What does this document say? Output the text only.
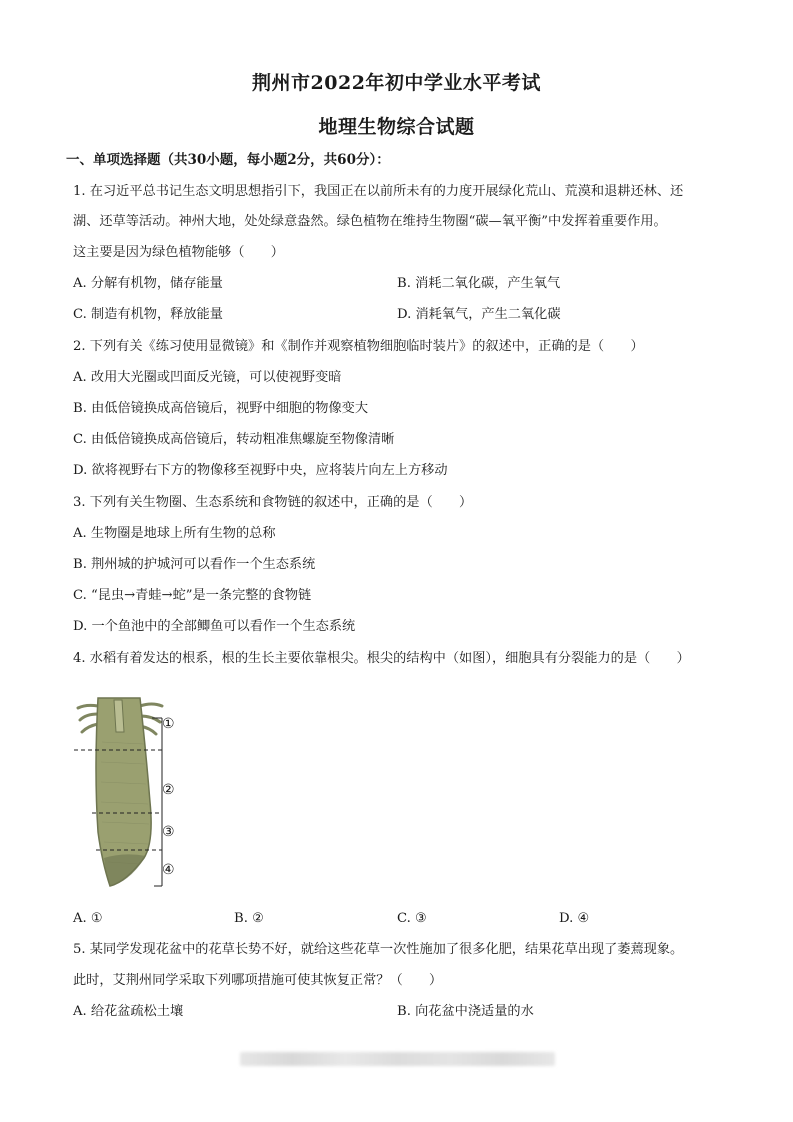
荆州市2022年初中学业水平考试
地理生物综合试题
一、单项选择题（共30小题，每小题2分，共60分）：
1. 在习近平总书记生态文明思想指引下，我国正在以前所未有的力度开展绿化荒山、荒漠和退耕还林、还
湖、还草等活动。神州大地，处处绿意盎然。绿色植物在维持生物圈“碳—氧平衡”中发挥着重要作用。
这主要是因为绿色植物能够（　　）
A. 分解有机物，储存能量	B. 消耗二氧化碳，产生氧气
C. 制造有机物，释放能量	D. 消耗氧气，产生二氧化碳
2. 下列有关《练习使用显微镜》和《制作并观察植物细胞临时装片》的叙述中，正确的是（　　）
A. 改用大光圈或凹面反光镜，可以使视野变暗
B. 由低倍镜换成高倍镜后，视野中细胞的物像变大
C. 由低倍镜换成高倍镜后，转动粗准焦螺旋至物像清晰
D. 欲将视野右下方的物像移至视野中央，应将装片向左上方移动
3. 下列有关生物圈、生态系统和食物链的叙述中，正确的是（　　）
A. 生物圈是地球上所有生物的总称
B. 荆州城的护城河可以看作一个生态系统
C. “昆虫→青蛙→蛇”是一条完整的食物链
D. 一个鱼池中的全部鲫鱼可以看作一个生态系统
4. 水稻有着发达的根系，根的生长主要依靠根尖。根尖的结构中（如图），细胞具有分裂能力的是（　　）
①
②
③
④
A. ①	B. ②	C. ③	D. ④
5. 某同学发现花盆中的花草长势不好，就给这些花草一次性施加了很多化肥，结果花草出现了萎蔫现象。
此时，艾荆州同学采取下列哪项措施可使其恢复正常？（　　）
A. 给花盆疏松土壤	B. 向花盆中浇适量的水
